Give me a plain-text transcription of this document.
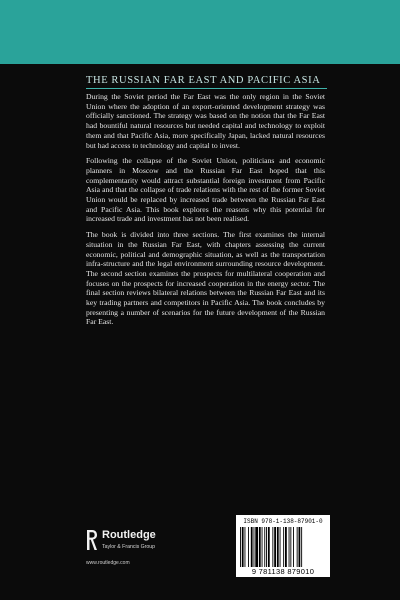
THE RUSSIAN FAR EAST AND PACIFIC ASIA

During the Soviet period the Far East was the only region in the Soviet Union where the adoption of an export-oriented development strategy was officially sanctioned. The strategy was based on the notion that the Far East had bountiful natural resources but needed capital and technology to exploit them and that Pacific Asia, more specifically Japan, lacked natural resources but had access to technology and capital to invest.

Following the collapse of the Soviet Union, politicians and economic planners in Moscow and the Russian Far East hoped that this complementarity would attract substantial foreign investment from Pacific Asia and that the collapse of trade relations with the rest of the former Soviet Union would be replaced by increased trade between the Russian Far East and Pacific Asia. This book explores the reasons why this potential for increased trade and investment has not been realised.

The book is divided into three sections. The first examines the internal situation in the Russian Far East, with chapters assessing the current economic, political and demographic situation, as well as the transportation infra-structure and the legal environment surrounding resource development. The second section examines the prospects for multilateral cooperation and focuses on the prospects for increased cooperation in the energy sector. The final section reviews bilateral relations between the Russian Far East and its key trading partners and competitors in Pacific Asia. The book concludes by presenting a number of scenarios for the future development of the Russian Far East.

Routledge
Taylor & Francis Group
www.routledge.com
ISBN 978-1-138-87901-0
9 781138 879010
